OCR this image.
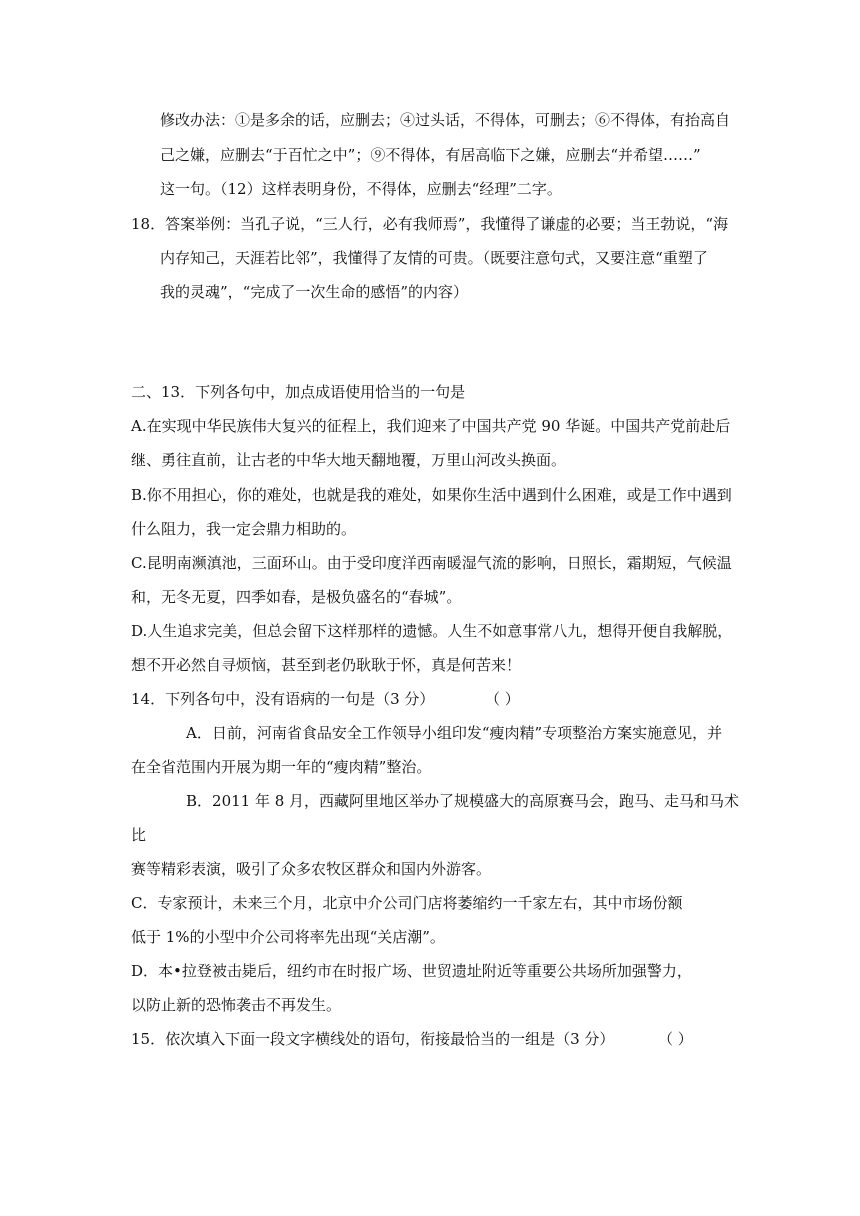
修改办法：①是多余的话，应删去；④过头话，不得体，可删去；⑥不得体，有抬高自
己之嫌，应删去“于百忙之中”；⑨不得体，有居高临下之嫌，应删去“并希望……”
这一句。（12）这样表明身份，不得体，应删去“经理”二字。
18．答案举例：当孔子说，“三人行，必有我师焉”，我懂得了谦虚的必要；当王勃说，“海
内存知己，天涯若比邻”，我懂得了友情的可贵。（既要注意句式，又要注意“重塑了
我的灵魂”，“完成了一次生命的感悟”的内容）
二、13．下列各句中，加点成语使用恰当的一句是
A.在实现中华民族伟大复兴的征程上，我们迎来了中国共产党 90 华诞。中国共产党前赴后
继、勇往直前，让古老的中华大地天翻地覆，万里山河改头换面。
B.你不用担心，你的难处，也就是我的难处，如果你生活中遇到什么困难，或是工作中遇到
什么阻力，我一定会鼎力相助的。
C.昆明南濒滇池，三面环山。由于受印度洋西南暖湿气流的影响，日照长，霜期短，气候温
和，无冬无夏，四季如春，是极负盛名的“春城”。
D.人生追求完美，但总会留下这样那样的遗憾。人生不如意事常八九，想得开便自我解脱，
想不开必然自寻烦恼，甚至到老仍耿耿于怀，真是何苦来！
14．下列各句中，没有语病的一句是（3 分）	（ ）
A．日前，河南省食品安全工作领导小组印发“瘦肉精”专项整治方案实施意见，并
在全省范围内开展为期一年的“瘦肉精”整治。
B．2011 年 8 月，西藏阿里地区举办了规模盛大的高原赛马会，跑马、走马和马术
比
赛等精彩表演，吸引了众多农牧区群众和国内外游客。
C．专家预计，未来三个月，北京中介公司门店将萎缩约一千家左右，其中市场份额
低于 1%的小型中介公司将率先出现“关店潮”。
D．本•拉登被击毙后，纽约市在时报广场、世贸遗址附近等重要公共场所加强警力，
以防止新的恐怖袭击不再发生。
15．依次填入下面一段文字横线处的语句，衔接最恰当的一组是（3 分）	（ ）
